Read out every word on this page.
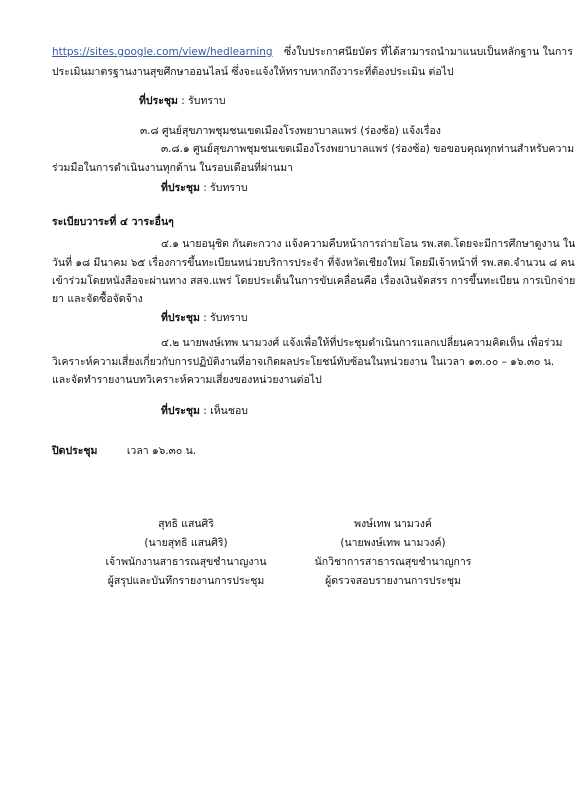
https://sites.google.com/view/hedlearning ซึ่งใบประกาศนียบัตร ที่ได้สามารถนำมาแนบเป็นหลักฐาน ในการ
ประเมินมาตรฐานงานสุขศึกษาออนไลน์ ซึ่งจะแจ้งให้ทราบหากถึงวาระที่ต้องประเมิน ต่อไป
ที่ประชุม : รับทราบ
๓.๘ ศูนย์สุขภาพชุมชนเขตเมืองโรงพยาบาลแพร่ (ร่องซ้อ) แจ้งเรื่อง
๓.๘.๑ ศูนย์สุขภาพชุมชนเขตเมืองโรงพยาบาลแพร่ (ร่องซ้อ) ขอขอบคุณทุกท่านสำหรับความ
ร่วมมือในการดำเนินงานทุกด้าน ในรอบเดือนที่ผ่านมา
ที่ประชุม : รับทราบ
ระเบียบวาระที่ ๔ วาระอื่นๆ
๔.๑ นายอนุชิต กันตะกวาง แจ้งความคืบหน้าการถ่ายโอน รพ.สต.โดยจะมีการศึกษาดูงาน ใน
วันที่ ๑๘ มีนาคม ๖๕ เรื่องการขึ้นทะเบียนหน่วยบริการประจำ ที่จังหวัดเชียงใหม่ โดยมีเจ้าหน้าที่ รพ.สต.จำนวน ๘ คน
เข้าร่วมโดยหนังสือจะผ่านทาง สสจ.แพร่ โดยประเด็นในการขับเคลื่อนคือ เรื่องเงินจัดสรร การขึ้นทะเบียน การเบิกจ่าย
ยา และจัดซื้อจัดจ้าง
ที่ประชุม : รับทราบ
๔.๒ นายพงษ์เทพ นามวงศ์ แจ้งเพื่อให้ที่ประชุมดำเนินการแลกเปลี่ยนความคิดเห็น เพื่อร่วม
วิเคราะห์ความเสี่ยงเกี่ยวกับการปฏิบัติงานที่อาจเกิดผลประโยชน์ทับซ้อนในหน่วยงาน ในเวลา ๑๓.๐๐ – ๑๖.๓๐ น.
และจัดทำรายงานบทวิเคราะห์ความเสี่ยงของหน่วยงานต่อไป
ที่ประชุม : เห็นชอบ
ปิดประชุม	เวลา ๑๖.๓๐ น.
สุทธิ แสนศิริ
(นายสุทธิ แสนศิริ)
เจ้าพนักงานสาธารณสุขชำนาญงาน
ผู้สรุปและบันทึกรายงานการประชุม
พงษ์เทพ นามวงค์
(นายพงษ์เทพ นามวงค์)
นักวิชาการสาธารณสุขชำนาญการ
ผู้ตรวจสอบรายงานการประชุม
